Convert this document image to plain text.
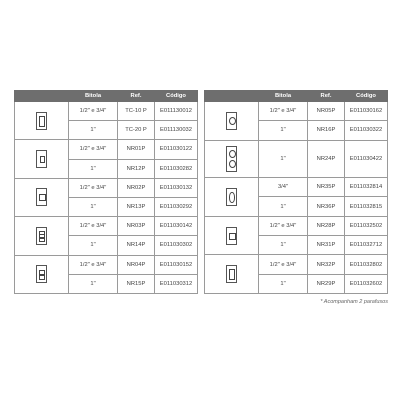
	Bitola	Ref.	Código

	1/2" e 3/4"	TC-10 P	E011130012
	1"	TC-20 P	E011130032

	1/2" e 3/4"	NR01P	E011030122
	1"	NR12P	E011030282

	1/2" e 3/4"	NR02P	E011030132
	1"	NR13P	E011030292

	1/2" e 3/4"	NR03P	E011030142
	1"	NR14P	E011030302

	1/2" e 3/4"	NR04P	E011030152
	1"	NR15P	E011030312
	Bitola	Ref.	Código

	1/2" e 3/4"	NR05P	E011030162
	1"	NR16P	E011030322

	1"	NR24P	E011030422

	3/4"	NR35P	E011032814
	1"	NR36P	E011032815

	1/2" e 3/4"	NR28P	E011032502
	1"	NR31P	E011032712

	1/2" e 3/4"	NR32P	E011032802
	1"	NR29P	E011032602
* Acompanham 2 parafusos
